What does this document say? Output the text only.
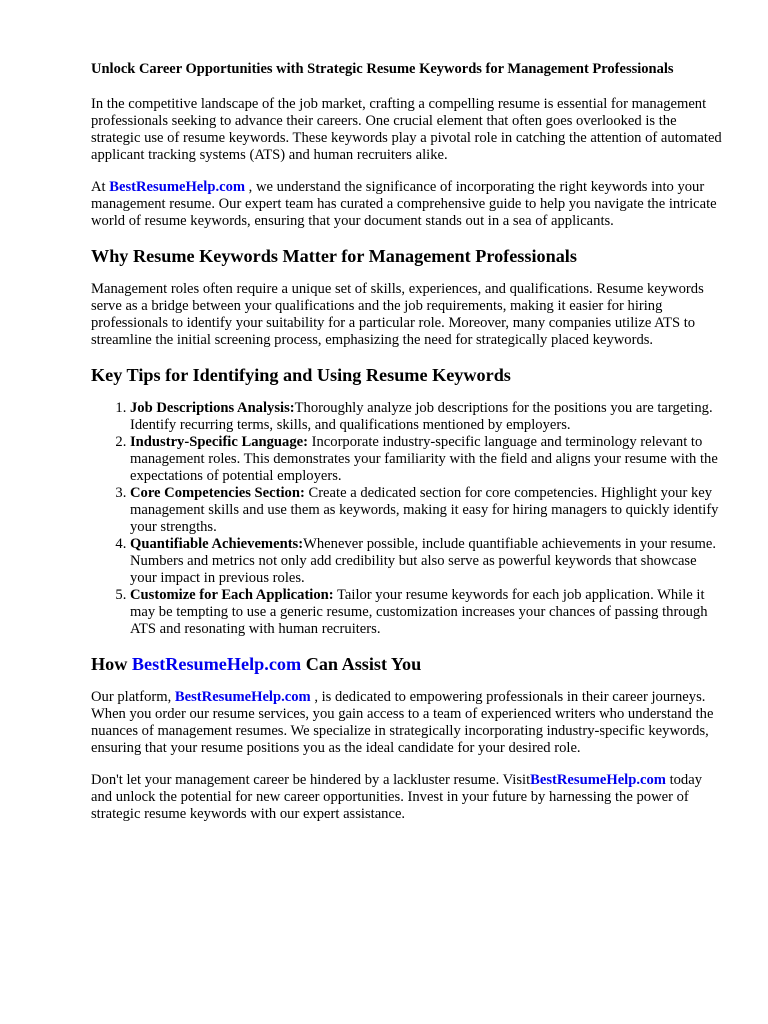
Unlock Career Opportunities with Strategic Resume Keywords for Management Professionals

In the competitive landscape of the job market, crafting a compelling resume is essential for management professionals seeking to advance their careers. One crucial element that often goes overlooked is the strategic use of resume keywords. These keywords play a pivotal role in catching the attention of automated applicant tracking systems (ATS) and human recruiters alike.

At BestResumeHelp.com , we understand the significance of incorporating the right keywords into your management resume. Our expert team has curated a comprehensive guide to help you navigate the intricate world of resume keywords, ensuring that your document stands out in a sea of applicants.

Why Resume Keywords Matter for Management Professionals

Management roles often require a unique set of skills, experiences, and qualifications. Resume keywords serve as a bridge between your qualifications and the job requirements, making it easier for hiring professionals to identify your suitability for a particular role. Moreover, many companies utilize ATS to streamline the initial screening process, emphasizing the need for strategically placed keywords.

Key Tips for Identifying and Using Resume Keywords
1. Job Descriptions Analysis:Thoroughly analyze job descriptions for the positions you are targeting. Identify recurring terms, skills, and qualifications mentioned by employers.
2. Industry-Specific Language: Incorporate industry-specific language and terminology relevant to management roles. This demonstrates your familiarity with the field and aligns your resume with the expectations of potential employers.
3. Core Competencies Section: Create a dedicated section for core competencies. Highlight your key management skills and use them as keywords, making it easy for hiring managers to quickly identify your strengths.
4. Quantifiable Achievements:Whenever possible, include quantifiable achievements in your resume. Numbers and metrics not only add credibility but also serve as powerful keywords that showcase your impact in previous roles.
5. Customize for Each Application: Tailor your resume keywords for each job application. While it may be tempting to use a generic resume, customization increases your chances of passing through ATS and resonating with human recruiters.
How BestResumeHelp.com Can Assist You

Our platform, BestResumeHelp.com , is dedicated to empowering professionals in their career journeys. When you order our resume services, you gain access to a team of experienced writers who understand the nuances of management resumes. We specialize in strategically incorporating industry-specific keywords, ensuring that your resume positions you as the ideal candidate for your desired role.

Don't let your management career be hindered by a lackluster resume. VisitBestResumeHelp.com today and unlock the potential for new career opportunities. Invest in your future by harnessing the power of strategic resume keywords with our expert assistance.
